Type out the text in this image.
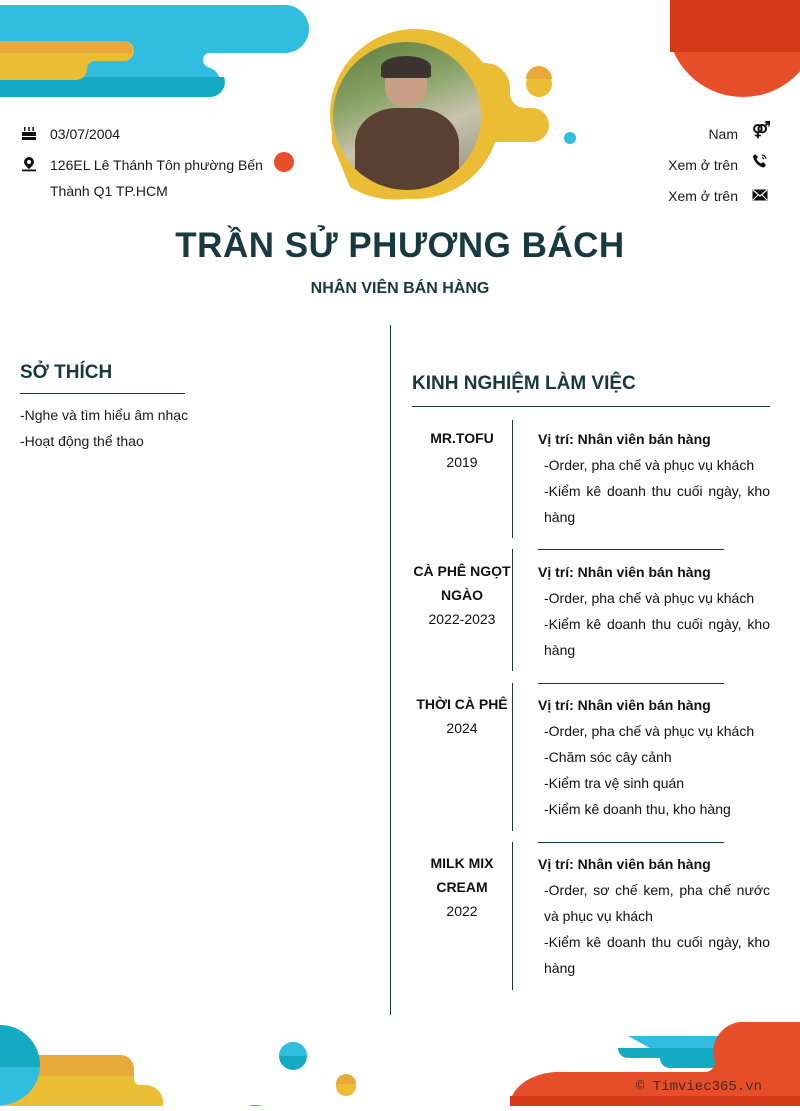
03/07/2004
126EL Lê Thánh Tôn phường Bến
Thành Q1 TP.HCM
Nam ⚤
Xem ở trên
Xem ở trên
TRẦN SỬ PHƯƠNG BÁCH
NHÂN VIÊN BÁN HÀNG
SỞ THÍCH
-Nghe và tìm hiểu âm nhạc
-Hoạt động thể thao
KINH NGHIỆM LÀM VIỆC
MR.TOFU
2019
Vị trí: Nhân viên bán hàng
-Order, pha chế và phục vụ khách
-Kiểm kê doanh thu cuối ngày, kho hàng
CÀ PHÊ NGỌT
NGÀO
2022-2023
Vị trí: Nhân viên bán hàng
-Order, pha chế và phục vụ khách
-Kiểm kê doanh thu cuối ngày, kho hàng
THỜI CÀ PHÊ
2024
Vị trí: Nhân viên bán hàng
-Order, pha chế và phục vụ khách
-Chăm sóc cây cảnh
-Kiểm tra vệ sinh quán
-Kiểm kê doanh thu, kho hàng
MILK MIX
CREAM
2022
Vị trí: Nhân viên bán hàng
-Order, sơ chế kem, pha chế nước và phục vụ khách
-Kiểm kê doanh thu cuối ngày, kho hàng
© Timviec365.vn
